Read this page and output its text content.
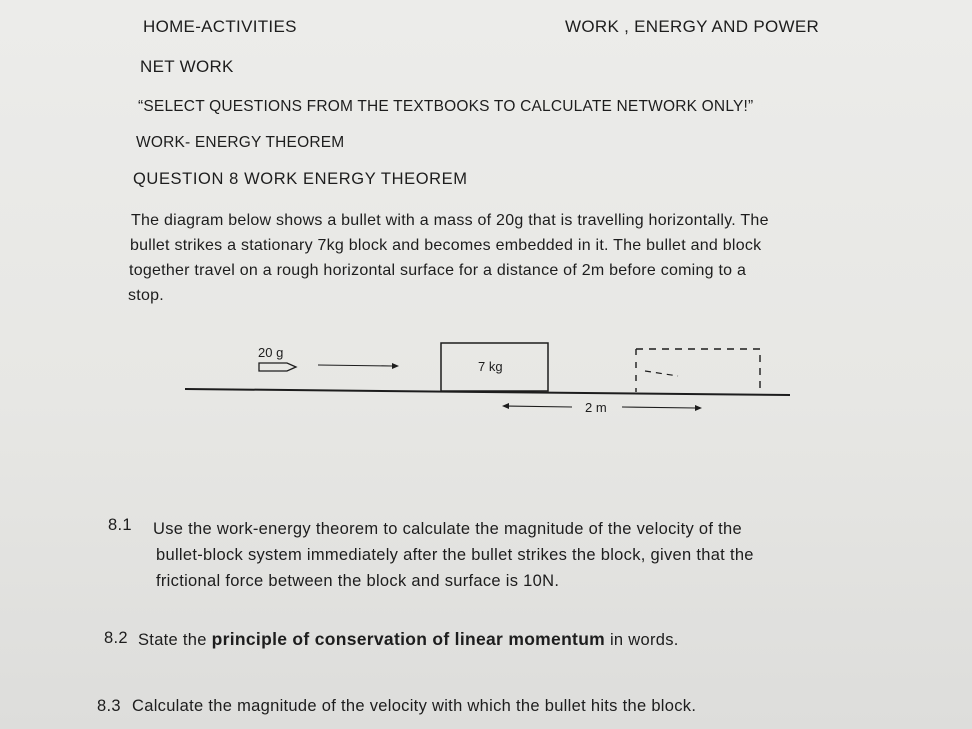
HOME-ACTIVITIES	WORK , ENERGY AND POWER
NET WORK
“SELECT QUESTIONS FROM THE TEXTBOOKS TO CALCULATE NETWORK ONLY!”
WORK- ENERGY THEOREM
QUESTION 8 WORK ENERGY THEOREM
The diagram below shows a bullet with a mass of 20g that is travelling horizontally. The
bullet strikes a stationary 7kg block and becomes embedded in it. The bullet and block
together travel on a rough horizontal surface for a distance of 2m before coming to a
stop.
20 g
7 kg
2 m
8.1 Use the work-energy theorem to calculate the magnitude of the velocity of the
bullet-block system immediately after the bullet strikes the block, given that the
frictional force between the block and surface is 10N.
8.2 State the principle of conservation of linear momentum in words.
8.3 Calculate the magnitude of the velocity with which the bullet hits the block.
